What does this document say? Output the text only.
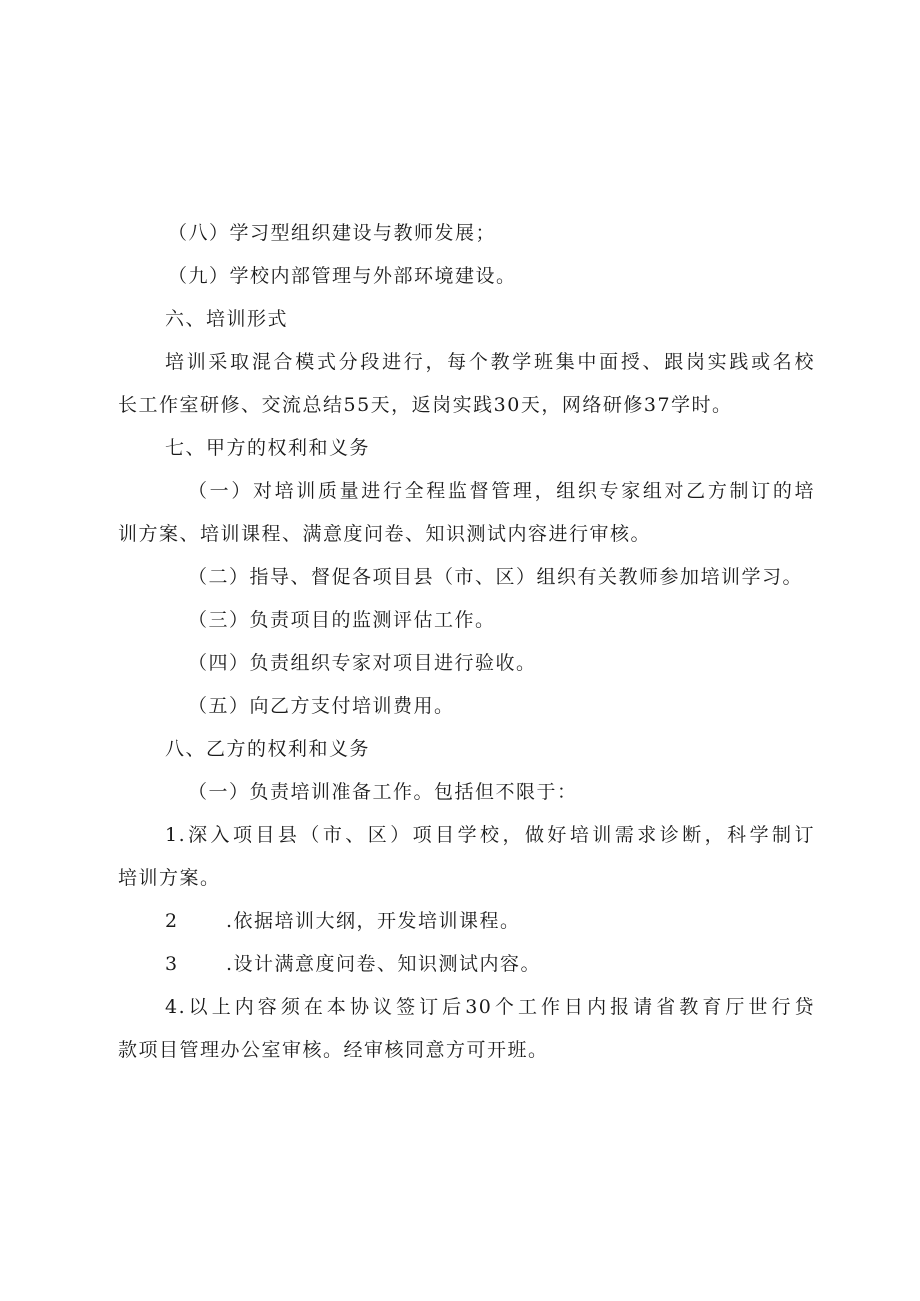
（八）学习型组织建设与教师发展；
（九）学校内部管理与外部环境建设。
六、培训形式
培训采取混合模式分段进行，每个教学班集中面授、跟岗实践或名校
长工作室研修、交流总结55天，返岗实践30天，网络研修37学时。
七、甲方的权利和义务
（一）对培训质量进行全程监督管理，组织专家组对乙方制订的培
训方案、培训课程、满意度问卷、知识测试内容进行审核。
（二）指导、督促各项目县（市、区）组织有关教师参加培训学习。
（三）负责项目的监测评估工作。
（四）负责组织专家对项目进行验收。
（五）向乙方支付培训费用。
八、乙方的权利和义务
（一）负责培训准备工作。包括但不限于：
1.深入项目县（市、区）项目学校，做好培训需求诊断，科学制订
培训方案。
2 .依据培训大纲，开发培训课程。
3 .设计满意度问卷、知识测试内容。
4.以上内容须在本协议签订后30个工作日内报请省教育厅世行贷
款项目管理办公室审核。经审核同意方可开班。
